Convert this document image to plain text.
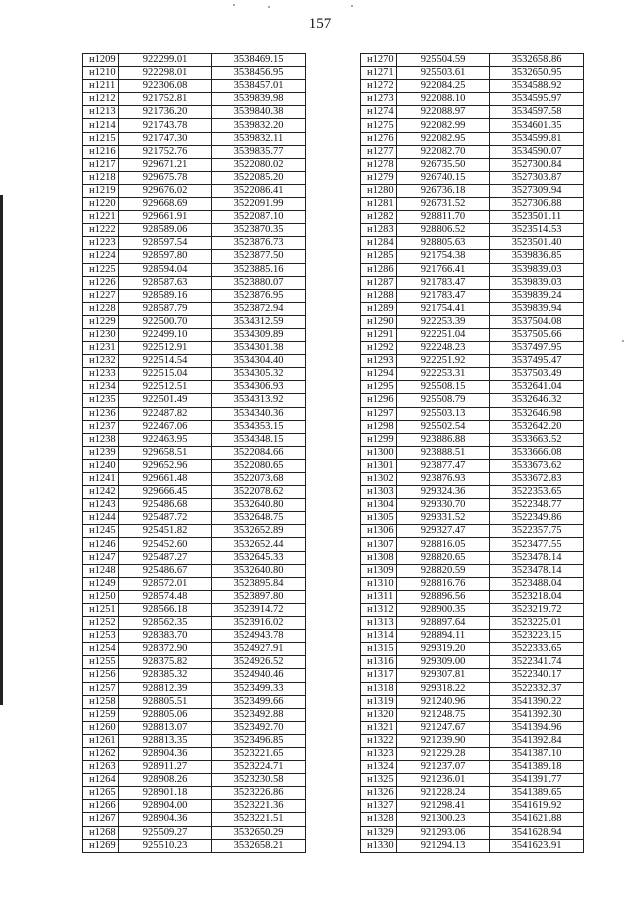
157
н1209	922299.01	3538469.15
н1210	922298.01	3538456.95
н1211	922306.08	3538457.01
н1212	921752.81	3539839.98
н1213	921736.20	3539840.38
н1214	921743.78	3539832.20
н1215	921747.30	3539832.11
н1216	921752.76	3539835.77
н1217	929671.21	3522080.02
н1218	929675.78	3522085.20
н1219	929676.02	3522086.41
н1220	929668.69	3522091.99
н1221	929661.91	3522087.10
н1222	928589.06	3523870.35
н1223	928597.54	3523876.73
н1224	928597.80	3523877.50
н1225	928594.04	3523885.16
н1226	928587.63	3523880.07
н1227	928589.16	3523876.95
н1228	928587.79	3523872.94
н1229	922500.70	3534312.59
н1230	922499.10	3534309.89
н1231	922512.91	3534301.38
н1232	922514.54	3534304.40
н1233	922515.04	3534305.32
н1234	922512.51	3534306.93
н1235	922501.49	3534313.92
н1236	922487.82	3534340.36
н1237	922467.06	3534353.15
н1238	922463.95	3534348.15
н1239	929658.51	3522084.66
н1240	929652.96	3522080.65
н1241	929661.48	3522073.68
н1242	929666.45	3522078.62
н1243	925486.68	3532640.80
н1244	925487.72	3532648.75
н1245	925451.82	3532652.89
н1246	925452.60	3532652.44
н1247	925487.27	3532645.33
н1248	925486.67	3532640.80
н1249	928572.01	3523895.84
н1250	928574.48	3523897.80
н1251	928566.18	3523914.72
н1252	928562.35	3523916.02
н1253	928383.70	3524943.78
н1254	928372.90	3524927.91
н1255	928375.82	3524926.52
н1256	928385.32	3524940.46
н1257	928812.39	3523499.33
н1258	928805.51	3523499.66
н1259	928805.06	3523492.88
н1260	928813.07	3523492.70
н1261	928813.35	3523496.85
н1262	928904.36	3523221.65
н1263	928911.27	3523224.71
н1264	928908.26	3523230.58
н1265	928901.18	3523226.86
н1266	928904.00	3523221.36
н1267	928904.36	3523221.51
н1268	925509.27	3532650.29
н1269	925510.23	3532658.21
н1270	925504.59	3532658.86
н1271	925503.61	3532650.95
н1272	922084.25	3534588.92
н1273	922088.10	3534595.97
н1274	922088.97	3534597.58
н1275	922082.99	3534601.35
н1276	922082.95	3534599.81
н1277	922082.70	3534590.07
н1278	926735.50	3527300.84
н1279	926740.15	3527303.87
н1280	926736.18	3527309.94
н1281	926731.52	3527306.88
н1282	928811.70	3523501.11
н1283	928806.52	3523514.53
н1284	928805.63	3523501.40
н1285	921754.38	3539836.85
н1286	921766.41	3539839.03
н1287	921783.47	3539839.03
н1288	921783.47	3539839.24
н1289	921754.41	3539839.94
н1290	922253.39	3537504.08
н1291	922251.04	3537505.66
н1292	922248.23	3537497.95
н1293	922251.92	3537495.47
н1294	922253.31	3537503.49
н1295	925508.15	3532641.04
н1296	925508.79	3532646.32
н1297	925503.13	3532646.98
н1298	925502.54	3532642.20
н1299	923886.88	3533663.52
н1300	923888.51	3533666.08
н1301	923877.47	3533673.62
н1302	923876.93	3533672.83
н1303	929324.36	3522353.65
н1304	929330.70	3522348.77
н1305	929331.52	3522349.86
н1306	929327.47	3522357.75
н1307	928816.05	3523477.55
н1308	928820.65	3523478.14
н1309	928820.59	3523478.14
н1310	928816.76	3523488.04
н1311	928896.56	3523218.04
н1312	928900.35	3523219.72
н1313	928897.64	3523225.01
н1314	928894.11	3523223.15
н1315	929319.20	3522333.65
н1316	929309.00	3522341.74
н1317	929307.81	3522340.17
н1318	929318.22	3522332.37
н1319	921240.96	3541390.22
н1320	921248.75	3541392.30
н1321	921247.67	3541394.96
н1322	921239.90	3541392.84
н1323	921229.28	3541387.10
н1324	921237.07	3541389.18
н1325	921236.01	3541391.77
н1326	921228.24	3541389.65
н1327	921298.41	3541619.92
н1328	921300.23	3541621.88
н1329	921293.06	3541628.94
н1330	921294.13	3541623.91
